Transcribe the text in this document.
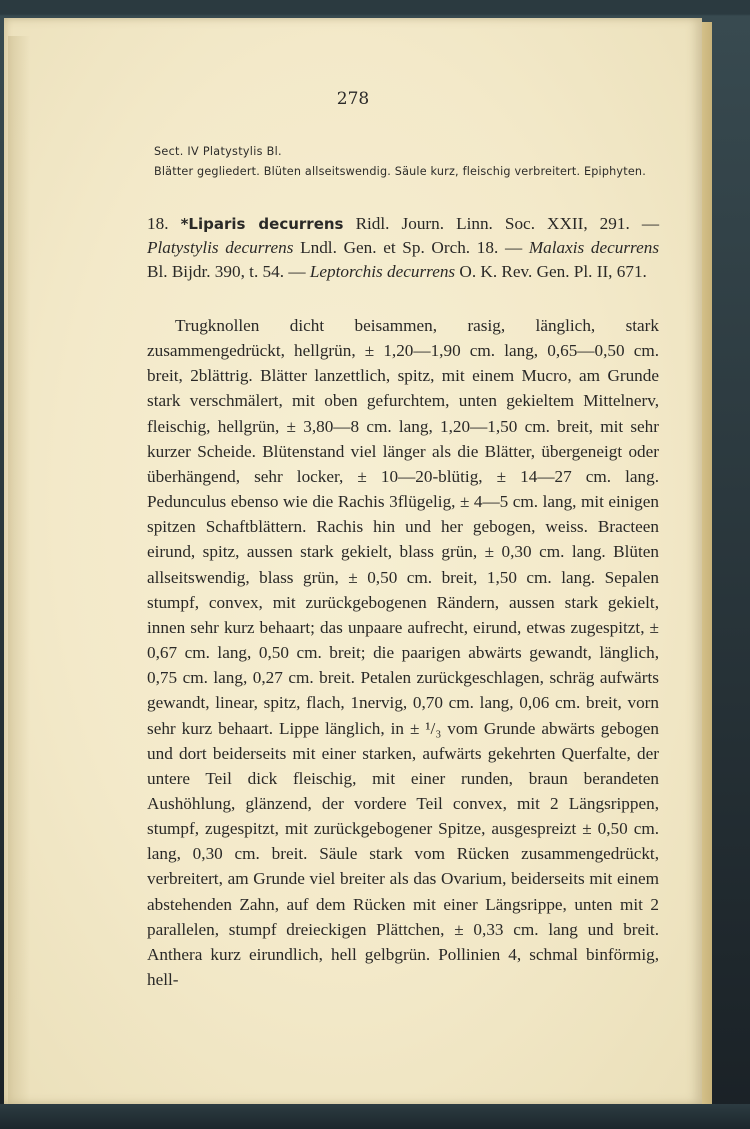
278
Sect. IV Platystylis Bl.
Blätter gegliedert. Blüten allseitswendig. Säule kurz, fleischig verbreitert. Epiphyten.

18. *Liparis decurrens Ridl. Journ. Linn. Soc. XXII, 291. — Platystylis decurrens Lndl. Gen. et Sp. Orch. 18. — Malaxis decurrens Bl. Bijdr. 390, t. 54. — Leptorchis decurrens O. K. Rev. Gen. Pl. II, 671.

Trugknollen dicht beisammen, rasig, länglich, stark zusammengedrückt, hellgrün, ± 1,20—1,90 cm. lang, 0,65—0,50 cm. breit, 2blättrig. Blätter lanzettlich, spitz, mit einem Mucro, am Grunde stark verschmälert, mit oben gefurchtem, unten gekieltem Mittelnerv, fleischig, hellgrün, ± 3,80—8 cm. lang, 1,20—1,50 cm. breit, mit sehr kurzer Scheide. Blütenstand viel länger als die Blätter, übergeneigt oder überhängend, sehr locker, ± 10—20-blütig, ± 14—27 cm. lang. Pedunculus ebenso wie die Rachis 3flügelig, ± 4—5 cm. lang, mit einigen spitzen Schaftblättern. Rachis hin und her gebogen, weiss. Bracteen eirund, spitz, aussen stark gekielt, blass grün, ± 0,30 cm. lang. Blüten allseitswendig, blass grün, ± 0,50 cm. breit, 1,50 cm. lang. Sepalen stumpf, convex, mit zurückgebogenen Rändern, aussen stark gekielt, innen sehr kurz behaart; das unpaare aufrecht, eirund, etwas zugespitzt, ± 0,67 cm. lang, 0,50 cm. breit; die paarigen abwärts gewandt, länglich, 0,75 cm. lang, 0,27 cm. breit. Petalen zurückgeschlagen, schräg aufwärts gewandt, linear, spitz, flach, 1nervig, 0,70 cm. lang, 0,06 cm. breit, vorn sehr kurz behaart. Lippe länglich, in ± ¹/₃ vom Grunde abwärts gebogen und dort beiderseits mit einer starken, aufwärts gekehrten Querfalte, der untere Teil dick fleischig, mit einer runden, braun berandeten Aushöhlung, glänzend, der vordere Teil convex, mit 2 Längsrippen, stumpf, zugespitzt, mit zurückgebogener Spitze, ausgespreizt ± 0,50 cm. lang, 0,30 cm. breit. Säule stark vom Rücken zusammengedrückt, verbreitert, am Grunde viel breiter als das Ovarium, beiderseits mit einem abstehenden Zahn, auf dem Rücken mit einer Längsrippe, unten mit 2 parallelen, stumpf dreieckigen Plättchen, ± 0,33 cm. lang und breit. Anthera kurz eirundlich, hell gelbgrün. Pollinien 4, schmal binförmig, hell-
